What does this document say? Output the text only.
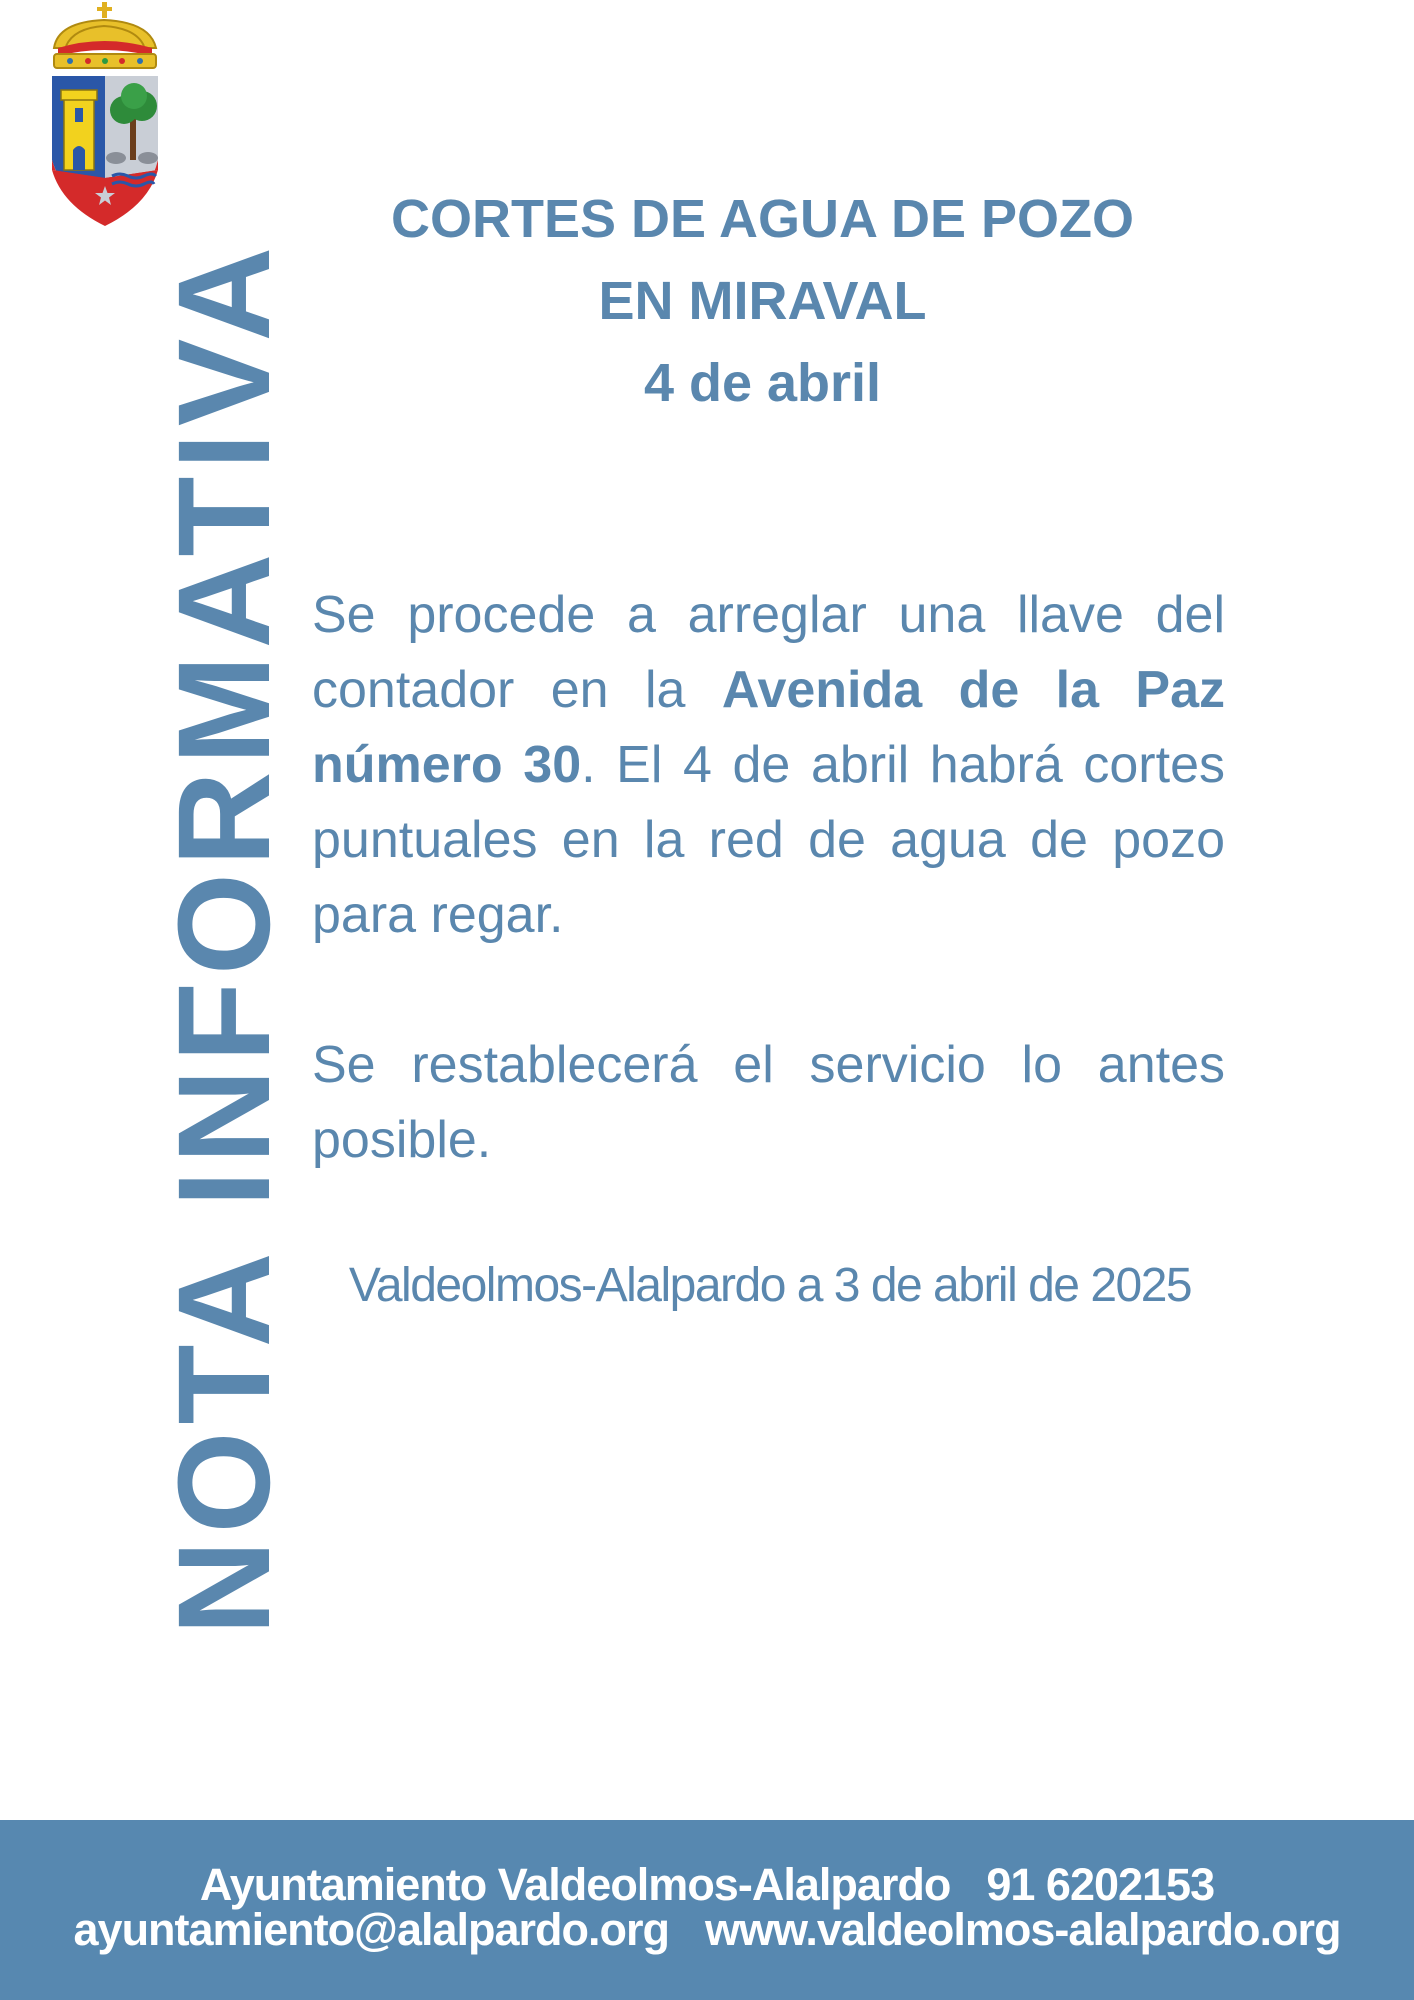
NOTA INFORMATIVA
CORTES DE AGUA DE POZO
EN MIRAVAL
4 de abril
Se procede a arreglar una llave del contador en la Avenida de la Paz número 30. El 4 de abril habrá cortes puntuales en la red de agua de pozo para regar.
Se restablecerá el servicio lo antes posible.
Valdeolmos-Alalpardo a 3 de abril de 2025
Ayuntamiento Valdeolmos-Alalpardo 91 6202153
ayuntamiento@alalpardo.org www.valdeolmos-alalpardo.org
